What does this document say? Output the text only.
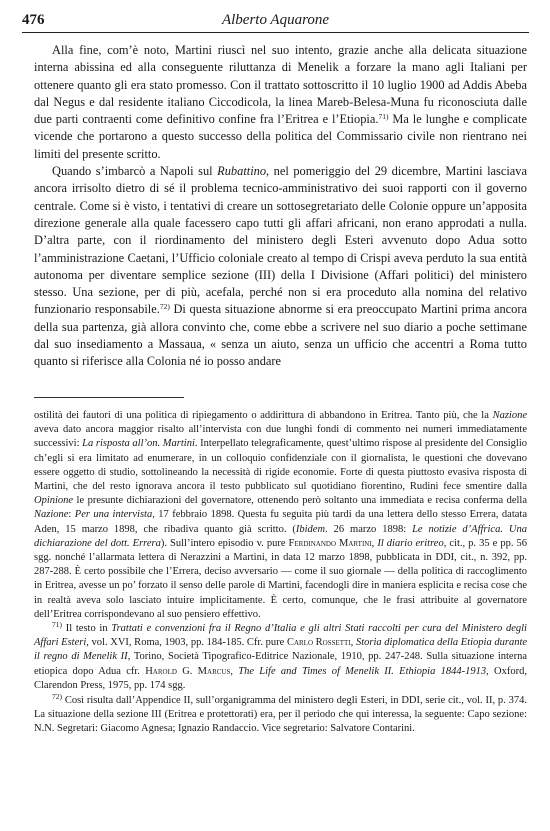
476	Alberto Aquarone

Alla fine, com’è noto, Martini riuscì nel suo intento, grazie anche alla delicata situazione interna abissina ed alla conseguente riluttanza di Menelik a forzare la mano agli Italiani per ottenere quanto gli era stato promesso. Con il trattato sottoscritto il 10 luglio 1900 ad Addis Abeba dal Negus e dal residente italiano Ciccodicola, la linea Mareb-Belesa-Muna fu riconosciuta dalle due parti contraenti come definitivo confine fra l’Eritrea e l’Etiopia.$^{71)}$ Ma le lunghe e complicate vicende che portarono a questo successo della politica del Commissario civile non rientrano nei limiti del presente scritto.

Quando s’imbarcò a Napoli sul Rubattino, nel pomeriggio del 29 dicembre, Martini lasciava ancora irrisolto dietro di sé il problema tecnico-amministrativo dei suoi rapporti con il governo centrale. Come si è visto, i tentativi di creare un sottosegretariato delle Colonie oppure un’apposita direzione generale alla quale facessero capo tutti gli affari africani, non erano approdati a nulla. D’altra parte, con il riordinamento del ministero degli Esteri avvenuto dopo Adua sotto l’amministrazione Caetani, l’Ufficio coloniale creato al tempo di Crispi aveva perduto la sua entità autonoma per diventare semplice sezione (III) della I Divisione (Affari politici) del ministero stesso. Una sezione, per di più, acefala, perché non si era proceduto alla nomina del relativo funzionario responsabile.$^{72)}$ Di questa situazione abnorme si era preoccupato Martini prima ancora della sua partenza, già allora convinto che, come ebbe a scrivere nel suo diario a poche settimane dal suo insediamento a Massaua, « senza un aiuto, senza un ufficio che accentri a Roma tutto quanto si riferisce alla Colonia né io posso andare

ostilità dei fautori di una politica di ripiegamento o addirittura di abbandono in Eritrea. Tanto più, che la Nazione aveva dato ancora maggior risalto all’intervista con due lunghi fondi di commento nei numeri immediatamente successivi: La risposta all’on. Martini. Interpellato telegraficamente, quest’ultimo rispose al presidente del Consiglio ch’egli si era limitato ad enumerare, in un colloquio confidenziale con il giornalista, le questioni che dovevano essere oggetto di studio, sottolineando la necessità di rigide economie. Forte di questa piuttosto evasiva risposta di Martini, che del resto ignorava ancora il testo pubblicato sul quotidiano fiorentino, Rudinì fece smentire dalla Opinione le presunte dichiarazioni del governatore, ottenendo però soltanto una immediata e recisa conferma della Nazione: Per una intervista, 17 febbraio 1898. Questa fu seguita più tardi da una lettera dello stesso Errera, datata Aden, 15 marzo 1898, che ribadiva quanto già scritto. (Ibidem. 26 marzo 1898: Le notizie d’Affrica. Una dichiarazione del dott. Errera). Sull’intero episodio v. pure Ferdinando Martini, Il diario eritreo, cit., p. 35 e pp. 56 sgg. nonché l’allarmata lettera di Nerazzini a Martini, in data 12 marzo 1898, pubblicata in DDI, cit., n. 392, pp. 287-288. È certo possibile che l’Errera, deciso avversario — come il suo giornale — della politica di raccoglimento in Eritrea, avesse un po’ forzato il senso delle parole di Martini, facendogli dire in maniera esplicita e recisa cose che in realtà aveva solo lasciato intuire implicitamente. È certo, comunque, che le frasi attribuite al governatore dell’Eritrea corrispondevano al suo pensiero effettivo.

$^{71)}$ Il testo in Trattati e convenzioni fra il Regno d’Italia e gli altri Stati raccolti per cura del Ministero degli Affari Esteri, vol. XVI, Roma, 1903, pp. 184-185. Cfr. pure Carlo Rossetti, Storia diplomatica della Etiopia durante il regno di Menelik II, Torino, Società Tipografico-Editrice Nazionale, 1910, pp. 247-248. Sulla situazione interna etiopica dopo Adua cfr. Harold G. Marcus, The Life and Times of Menelik II. Ethiopia 1844-1913, Oxford, Clarendon Press, 1975, pp. 174 sgg.

$^{72)}$ Così risulta dall’Appendice II, sull’organigramma del ministero degli Esteri, in DDI, serie cit., vol. II, p. 374. La situazione della sezione III (Eritrea e protettorati) era, per il periodo che qui interessa, la seguente: Capo sezione: N.N. Segretari: Giacomo Agnesa; Ignazio Randaccio. Vice segretario: Salvatore Contarini.
